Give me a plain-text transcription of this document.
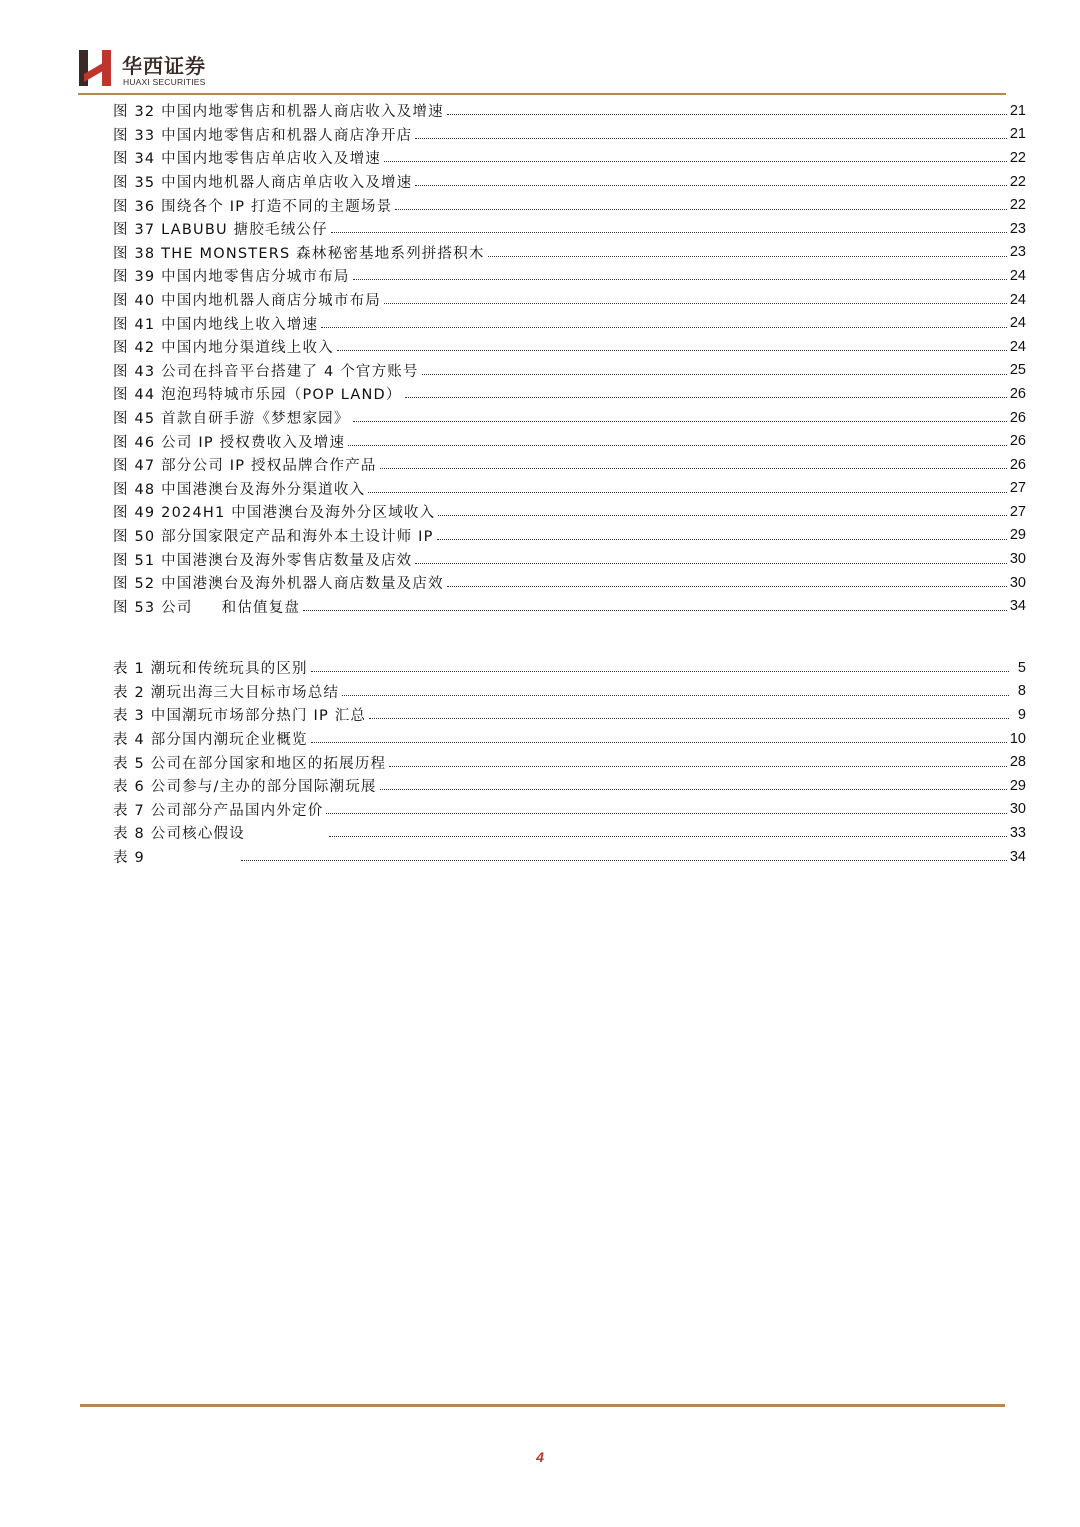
华西证券
HUAXI SECURITIES
图 32 中国内地零售店和机器人商店收入及增速	21
图 33 中国内地零售店和机器人商店净开店	21
图 34 中国内地零售店单店收入及增速	22
图 35 中国内地机器人商店单店收入及增速	22
图 36 围绕各个 IP 打造不同的主题场景	22
图 37 LABUBU 搪胶毛绒公仔	23
图 38 THE MONSTERS 森林秘密基地系列拼搭积木	23
图 39 中国内地零售店分城市布局	24
图 40 中国内地机器人商店分城市布局	24
图 41 中国内地线上收入增速	24
图 42 中国内地分渠道线上收入	24
图 43 公司在抖音平台搭建了 4 个官方账号	25
图 44 泡泡玛特城市乐园（POP LAND）	26
图 45 首款自研手游《梦想家园》	26
图 46 公司 IP 授权费收入及增速	26
图 47 部分公司 IP 授权品牌合作产品	26
图 48 中国港澳台及海外分渠道收入	27
图 49 2024H1 中国港澳台及海外分区域收入	27
图 50 部分国家限定产品和海外本土设计师 IP	29
图 51 中国港澳台及海外零售店数量及店效	30
图 52 中国港澳台及海外机器人商店数量及店效	30
图 53 公司     和估值复盘	34
表 1 潮玩和传统玩具的区别	5
表 2 潮玩出海三大目标市场总结	8
表 3 中国潮玩市场部分热门 IP 汇总	9
表 4 部分国内潮玩企业概览	10
表 5 公司在部分国家和地区的拓展历程	28
表 6 公司参与/主办的部分国际潮玩展	29
表 7 公司部分产品国内外定价	30
表 8 公司核心假设	33
表 9	34
4
